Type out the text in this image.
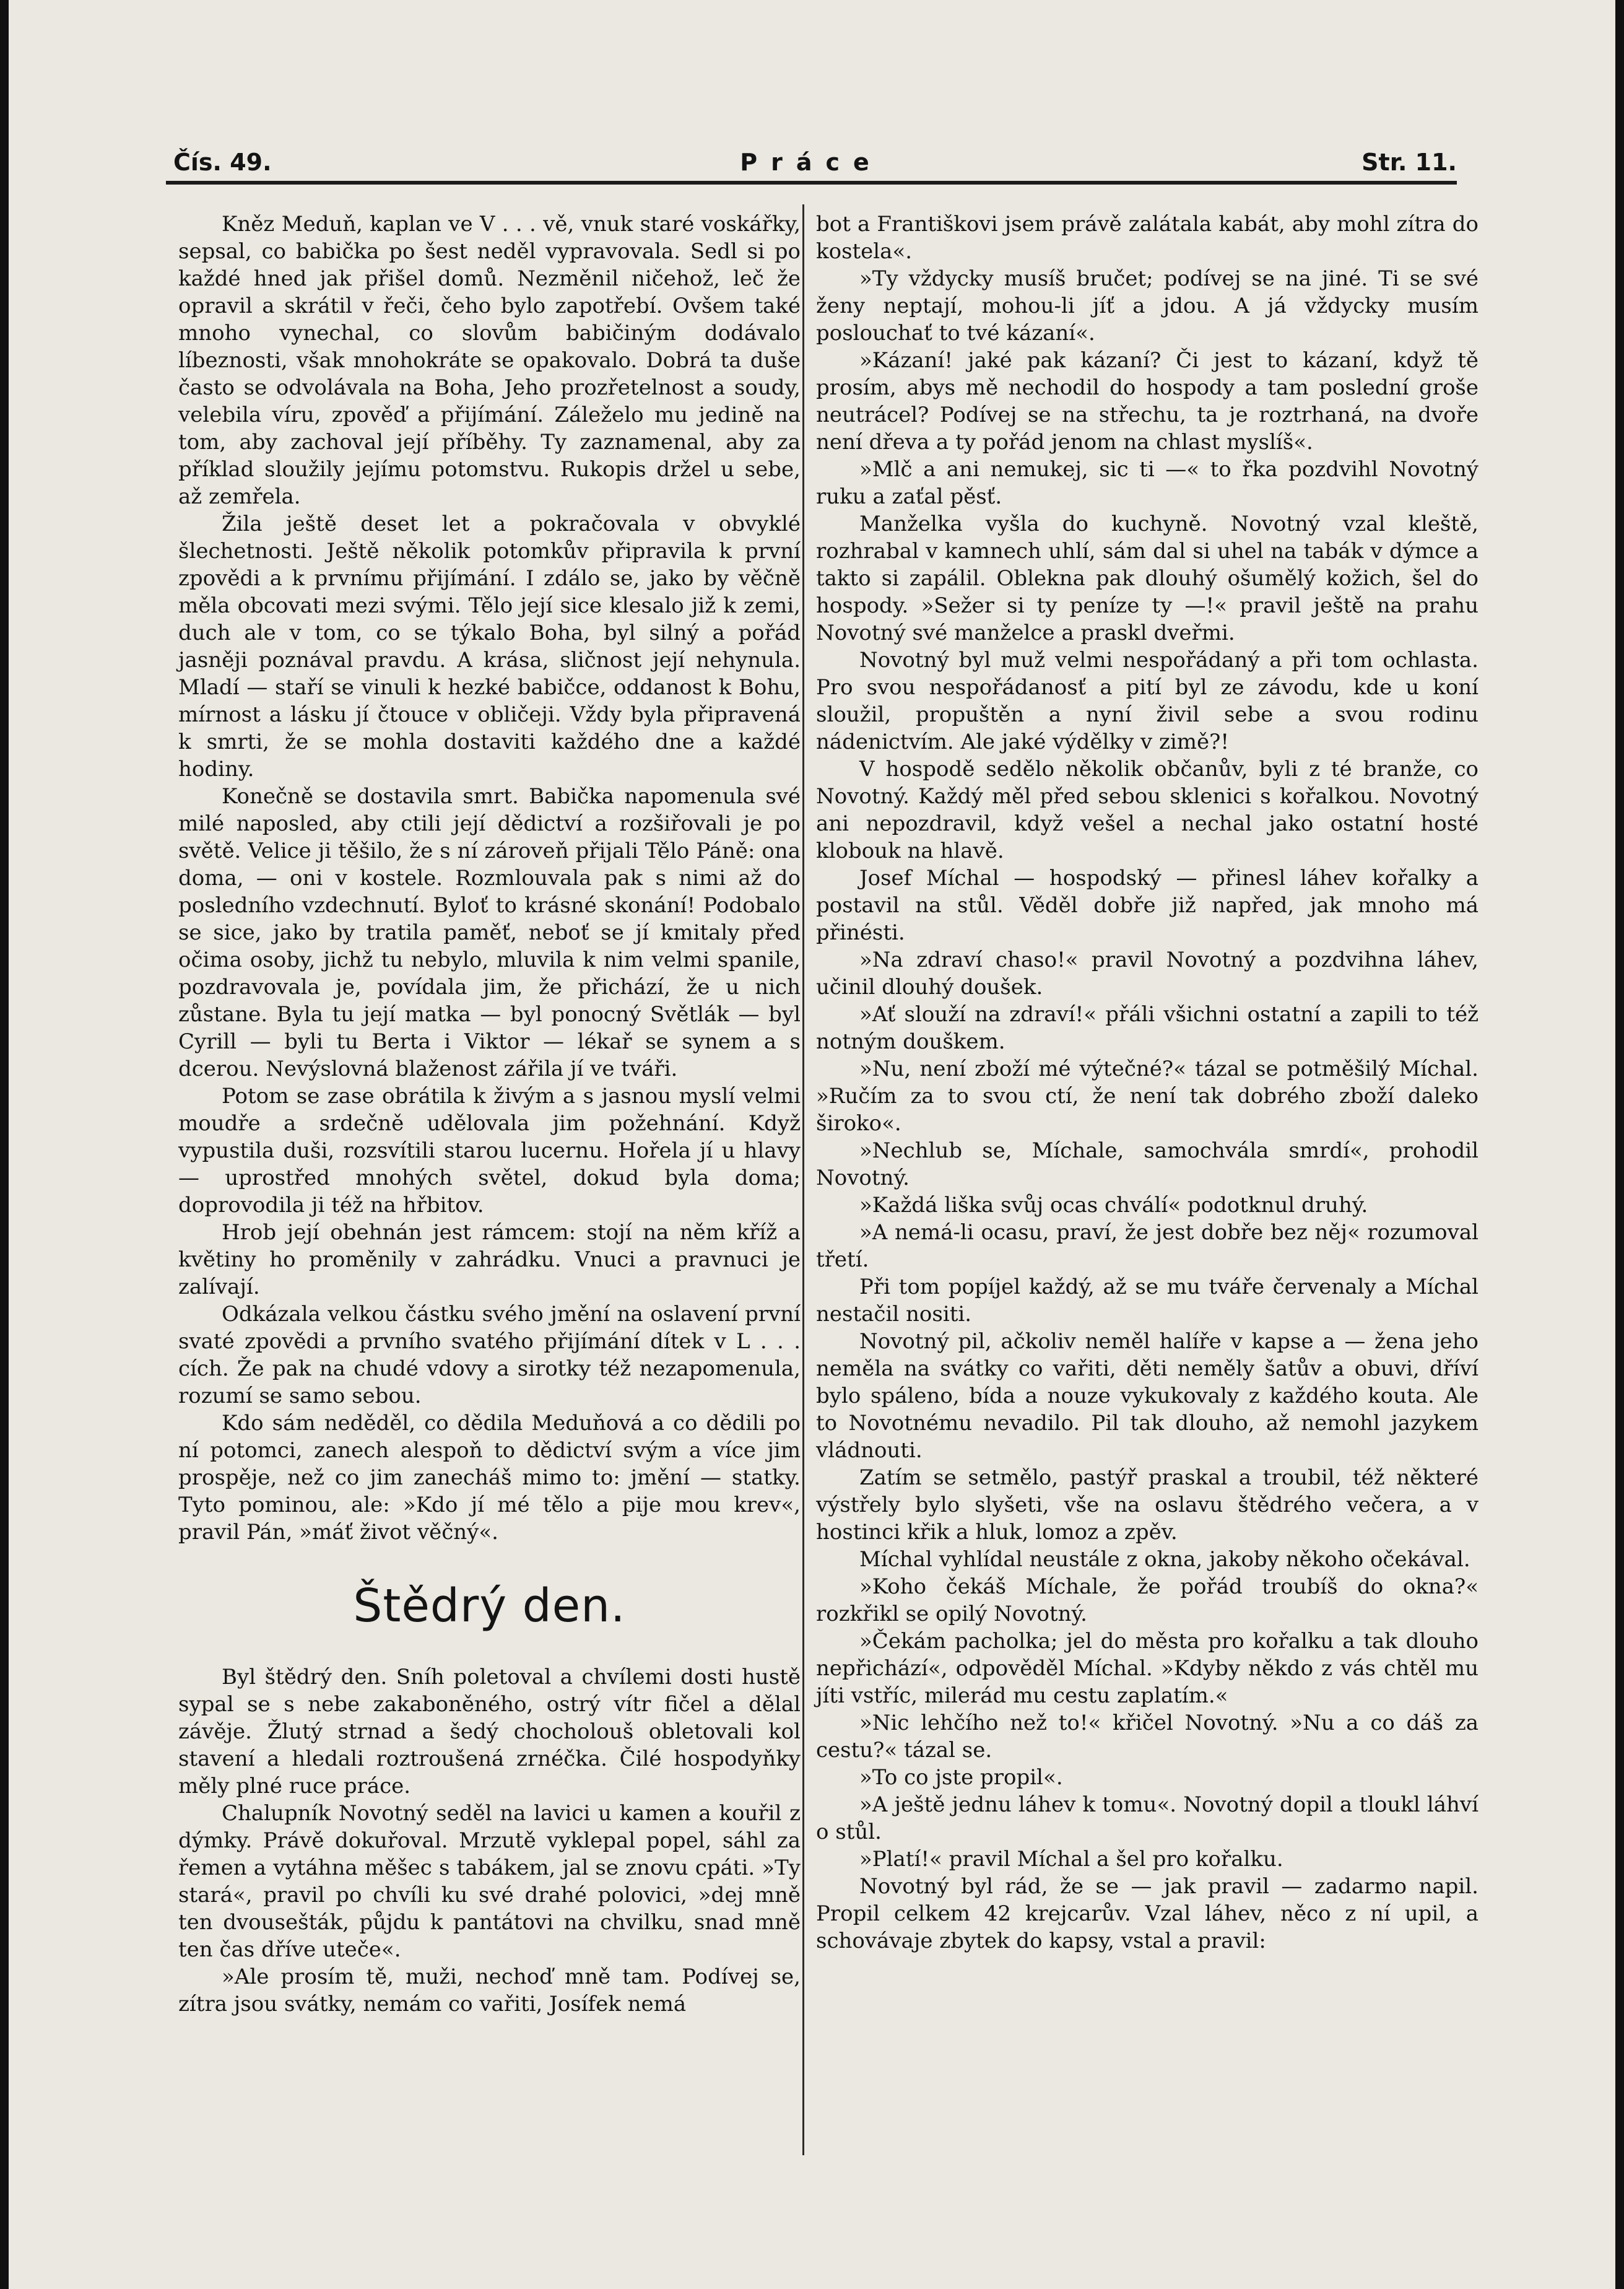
Čís. 49.	Práce	Str. 11.

Kněz Meduň, kaplan ve V . . . vě, vnuk staré voskářky, sepsal, co babička po šest neděl vypravovala. Sedl si po každé hned jak přišel domů. Nezměnil ničehož, leč že opravil a skrátil v řeči, čeho bylo zapotřebí. Ovšem také mnoho vynechal, co slovům babičiným dodávalo líbeznosti, však mnohokráte se opakovalo. Dobrá ta duše často se odvolávala na Boha, Jeho prozřetelnost a soudy, velebila víru, zpověď a přijímání. Záleželo mu jedině na tom, aby zachoval její příběhy. Ty zaznamenal, aby za příklad sloužily jejímu potomstvu. Rukopis držel u sebe, až zemřela.

Žila ještě deset let a pokračovala v obvyklé šlechetnosti. Ještě několik potomkův připravila k první zpovědi a k prvnímu přijímání. I zdálo se, jako by věčně měla obcovati mezi svými. Tělo její sice klesalo již k zemi, duch ale v tom, co se týkalo Boha, byl silný a pořád jasněji poznával pravdu. A krása, sličnost její nehynula. Mladí — staří se vinuli k hezké babičce, oddanost k Bohu, mírnost a lásku jí čtouce v obličeji. Vždy byla připravená k smrti, že se mohla dostaviti každého dne a každé hodiny.

Konečně se dostavila smrt. Babička napomenula své milé naposled, aby ctili její dědictví a rozšiřovali je po světě. Velice ji těšilo, že s ní zároveň přijali Tělo Páně: ona doma, — oni v kostele. Rozmlouvala pak s nimi až do posledního vzdechnutí. Byloť to krásné skonání! Podobalo se sice, jako by tratila paměť, neboť se jí kmitaly před očima osoby, jichž tu nebylo, mluvila k nim velmi spanile, pozdravovala je, povídala jim, že přichází, že u nich zůstane. Byla tu její matka — byl ponocný Světlák — byl Cyrill — byli tu Berta i Viktor — lékař se synem a s dcerou. Nevýslovná blaženost zářila jí ve tváři.

Potom se zase obrátila k živým a s jasnou myslí velmi moudře a srdečně udělovala jim požehnání. Když vypustila duši, rozsvítili starou lucernu. Hořela jí u hlavy — uprostřed mnohých světel, dokud byla doma; doprovodila ji též na hřbitov.

Hrob její obehnán jest rámcem: stojí na něm kříž a květiny ho proměnily v zahrádku. Vnuci a pravnuci je zalívají.

Odkázala velkou částku svého jmění na oslavení první svaté zpovědi a prvního svatého přijímání dítek v L . . . cích. Že pak na chudé vdovy a sirotky též nezapomenula, rozumí se samo sebou.

Kdo sám neděděl, co dědila Meduňová a co dědili po ní potomci, zanech alespoň to dědictví svým a více jim prospěje, než co jim zanecháš mimo to: jmění — statky. Tyto pominou, ale: »Kdo jí mé tělo a pije mou krev«, pravil Pán, »máť život věčný«.

Štědrý den.

Byl štědrý den. Sníh poletoval a chvílemi dosti hustě sypal se s nebe zakaboněného, ostrý vítr fičel a dělal závěje. Žlutý strnad a šedý chocholouš obletovali kol stavení a hledali roztroušená zrnéčka. Čilé hospodyňky měly plné ruce práce.

Chalupník Novotný seděl na lavici u kamen a kouřil z dýmky. Právě dokuřoval. Mrzutě vyklepal popel, sáhl za řemen a vytáhna měšec s tabákem, jal se znovu cpáti. »Ty stará«, pravil po chvíli ku své drahé polovici, »dej mně ten dvousešták, půjdu k pantátovi na chvilku, snad mně ten čas dříve uteče«.

»Ale prosím tě, muži, nechoď mně tam. Podívej se, zítra jsou svátky, nemám co vařiti, Josífek nemá

bot a Františkovi jsem právě zalátala kabát, aby mohl zítra do kostela«.

»Ty vždycky musíš bručet; podívej se na jiné. Ti se své ženy neptají, mohou-li jíť a jdou. A já vždycky musím poslouchať to tvé kázaní«.

»Kázaní! jaké pak kázaní? Či jest to kázaní, když tě prosím, abys mě nechodil do hospody a tam poslední groše neutrácel? Podívej se na střechu, ta je roztrhaná, na dvoře není dřeva a ty pořád jenom na chlast myslíš«.

»Mlč a ani nemukej, sic ti —« to řka pozdvihl Novotný ruku a zaťal pěsť.

Manželka vyšla do kuchyně. Novotný vzal kleště, rozhrabal v kamnech uhlí, sám dal si uhel na tabák v dýmce a takto si zapálil. Oblekna pak dlouhý ošumělý kožich, šel do hospody. »Sežer si ty peníze ty —!« pravil ještě na prahu Novotný své manželce a praskl dveřmi.

Novotný byl muž velmi nespořádaný a při tom ochlasta. Pro svou nespořádanosť a pití byl ze závodu, kde u koní sloužil, propuštěn a nyní živil sebe a svou rodinu nádenictvím. Ale jaké výdělky v zimě?!

V hospodě sedělo několik občanův, byli z té branže, co Novotný. Každý měl před sebou sklenici s kořalkou. Novotný ani nepozdravil, když vešel a nechal jako ostatní hosté klobouk na hlavě.

Josef Míchal — hospodský — přinesl láhev kořalky a postavil na stůl. Věděl dobře již napřed, jak mnoho má přinésti.

»Na zdraví chaso!« pravil Novotný a pozdvihna láhev, učinil dlouhý doušek.

»Ať slouží na zdraví!« přáli všichni ostatní a zapili to též notným douškem.

»Nu, není zboží mé výtečné?« tázal se potměšilý Míchal. »Ručím za to svou ctí, že není tak dobrého zboží daleko široko«.

»Nechlub se, Míchale, samochvála smrdí«, prohodil Novotný.

»Každá liška svůj ocas chválí« podotknul druhý.

»A nemá-li ocasu, praví, že jest dobře bez něj« rozumoval třetí.

Při tom popíjel každý, až se mu tváře červenaly a Míchal nestačil nositi.

Novotný pil, ačkoliv neměl halíře v kapse a — žena jeho neměla na svátky co vařiti, děti neměly šatův a obuvi, dříví bylo spáleno, bída a nouze vykukovaly z každého kouta. Ale to Novotnému nevadilo. Pil tak dlouho, až nemohl jazykem vládnouti.

Zatím se setmělo, pastýř praskal a troubil, též některé výstřely bylo slyšeti, vše na oslavu štědrého večera, a v hostinci křik a hluk, lomoz a zpěv.

Míchal vyhlídal neustále z okna, jakoby někoho očekával.

»Koho čekáš Míchale, že pořád troubíš do okna?« rozkřikl se opilý Novotný.

»Čekám pacholka; jel do města pro kořalku a tak dlouho nepřichází«, odpověděl Míchal. »Kdyby někdo z vás chtěl mu jíti vstříc, milerád mu cestu zaplatím.«

»Nic lehčího než to!« křičel Novotný. »Nu a co dáš za cestu?« tázal se.

»To co jste propil«.

»A ještě jednu láhev k tomu«. Novotný dopil a tloukl láhví o stůl.

»Platí!« pravil Míchal a šel pro kořalku.

Novotný byl rád, že se — jak pravil — zadarmo napil. Propil celkem 42 krejcarův. Vzal láhev, něco z ní upil, a schovávaje zbytek do kapsy, vstal a pravil:
